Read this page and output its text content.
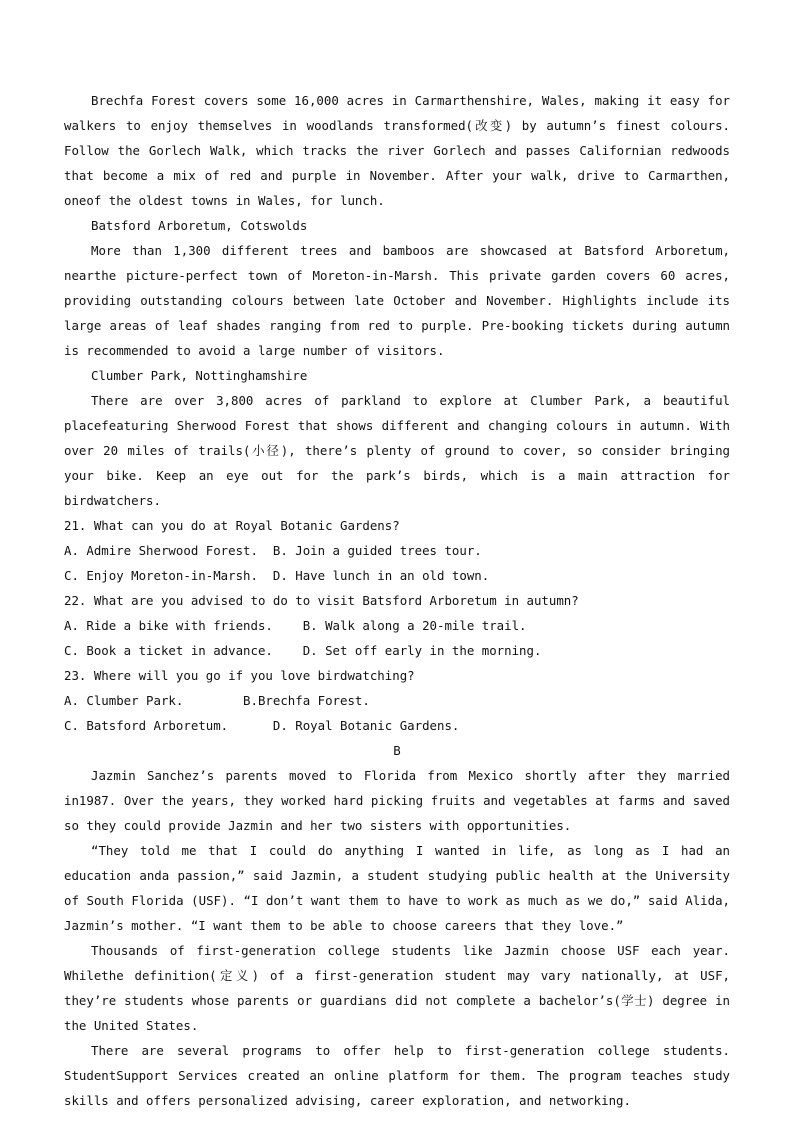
Brechfa Forest covers some 16,000 acres in Carmarthenshire, Wales, making it easy for walkers to enjoy themselves in woodlands transformed(改变) by autumn’s finest colours. Follow the Gorlech Walk, which tracks the river Gorlech and passes Californian redwoods that become a mix of red and purple in November. After your walk, drive to Carmarthen, oneof the oldest towns in Wales, for lunch.

Batsford Arboretum, Cotswolds

More than 1,300 different trees and bamboos are showcased at Batsford Arboretum, nearthe picture-perfect town of Moreton-in-Marsh. This private garden covers 60 acres, providing outstanding colours between late October and November. Highlights include its large areas of leaf shades ranging from red to purple. Pre-booking tickets during autumn is recommended to avoid a large number of visitors.

Clumber Park, Nottinghamshire

There are over 3,800 acres of parkland to explore at Clumber Park, a beautiful placefeaturing Sherwood Forest that shows different and changing colours in autumn. With over 20 miles of trails(小径), there’s plenty of ground to cover, so consider bringing your bike. Keep an eye out for the park’s birds, which is a main attraction for birdwatchers.

21. What can you do at Royal Botanic Gardens?

A. Admire Sherwood Forest.  B. Join a guided trees tour.

C. Enjoy Moreton-in-Marsh.  D. Have lunch in an old town.

22. What are you advised to do to visit Batsford Arboretum in autumn?

A. Ride a bike with friends.    B. Walk along a 20-mile trail.

C. Book a ticket in advance.    D. Set off early in the morning.

23. Where will you go if you love birdwatching?

A. Clumber Park.        B.Brechfa Forest.

C. Batsford Arboretum.      D. Royal Botanic Gardens.

B

Jazmin Sanchez’s parents moved to Florida from Mexico shortly after they married in1987. Over the years, they worked hard picking fruits and vegetables at farms and saved so they could provide Jazmin and her two sisters with opportunities.

“They told me that I could do anything I wanted in life, as long as I had an education anda passion,” said Jazmin, a student studying public health at the University of South Florida (USF). “I don’t want them to have to work as much as we do,” said Alida, Jazmin’s mother. “I want them to be able to choose careers that they love.”

Thousands of first-generation college students like Jazmin choose USF each year. Whilethe definition(定义) of a first-generation student may vary nationally, at USF, they’re students whose parents or guardians did not complete a bachelor’s(学士) degree in the United States.

There are several programs to offer help to first-generation college students. StudentSupport Services created an online platform for them. The program teaches study skills and offers personalized advising, career exploration, and networking.
